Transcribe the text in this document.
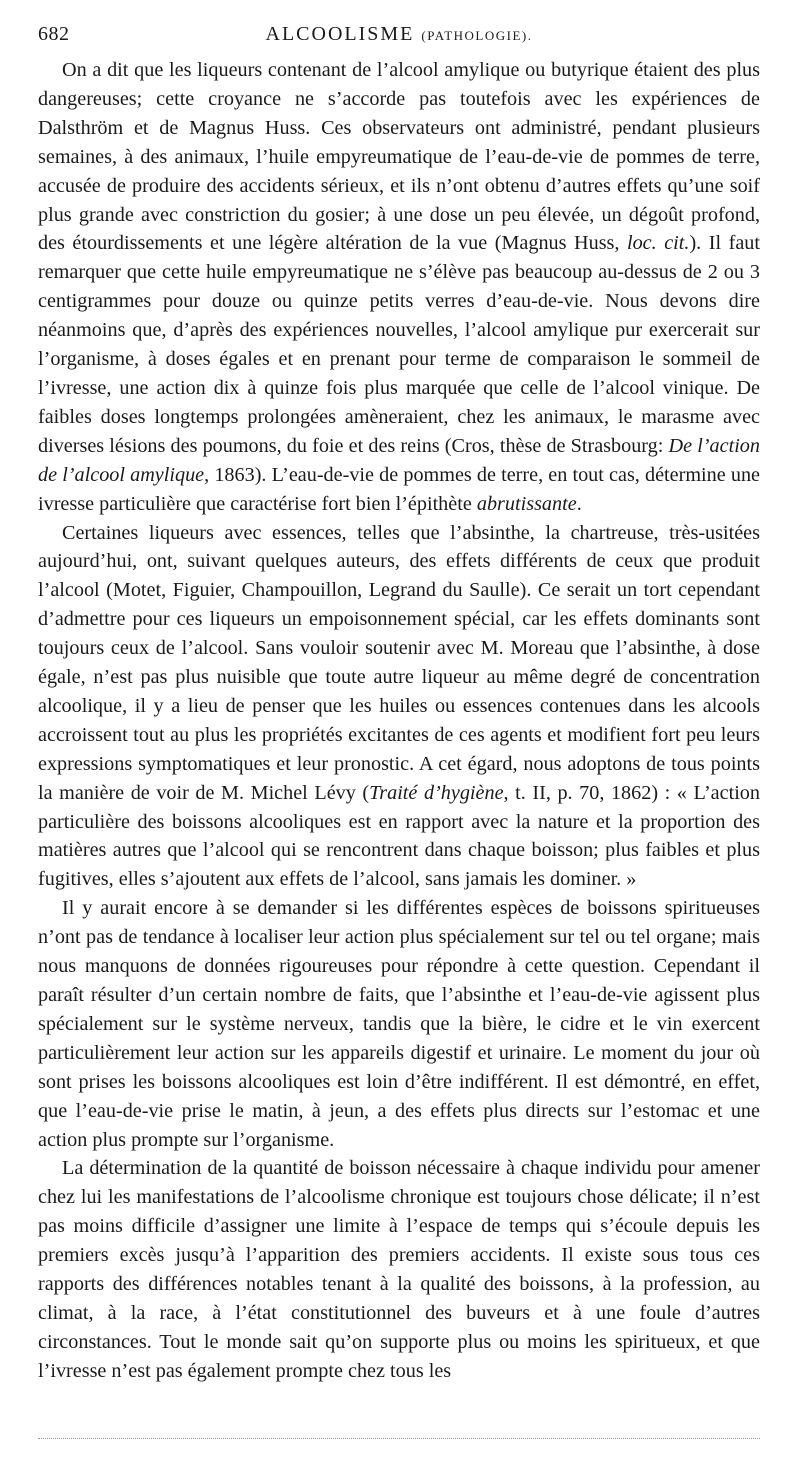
682	ALCOOLISME (PATHOLOGIE).

On a dit que les liqueurs contenant de l’alcool amylique ou butyrique étaient des plus dangereuses; cette croyance ne s’accorde pas toutefois avec les expériences de Dalsthröm et de Magnus Huss. Ces observateurs ont administré, pendant plusieurs semaines, à des animaux, l’huile empyreumatique de l’eau-de-vie de pommes de terre, accusée de produire des accidents sérieux, et ils n’ont obtenu d’autres effets qu’une soif plus grande avec constriction du gosier; à une dose un peu élevée, un dégoût profond, des étourdissements et une légère altération de la vue (Magnus Huss, loc. cit.). Il faut remarquer que cette huile empyreumatique ne s’élève pas beaucoup au-dessus de 2 ou 3 centigrammes pour douze ou quinze petits verres d’eau-de-vie. Nous devons dire néanmoins que, d’après des expériences nouvelles, l’alcool amylique pur exercerait sur l’organisme, à doses égales et en prenant pour terme de comparaison le sommeil de l’ivresse, une action dix à quinze fois plus marquée que celle de l’alcool vinique. De faibles doses longtemps prolongées amèneraient, chez les animaux, le marasme avec diverses lésions des poumons, du foie et des reins (Cros, thèse de Strasbourg: De l’action de l’alcool amylique, 1863). L’eau-de-vie de pommes de terre, en tout cas, détermine une ivresse particulière que caractérise fort bien l’épithète abrutissante.

Certaines liqueurs avec essences, telles que l’absinthe, la chartreuse, très-usitées aujourd’hui, ont, suivant quelques auteurs, des effets différents de ceux que produit l’alcool (Motet, Figuier, Champouillon, Legrand du Saulle). Ce serait un tort cependant d’admettre pour ces liqueurs un empoisonnement spécial, car les effets dominants sont toujours ceux de l’alcool. Sans vouloir soutenir avec M. Moreau que l’absinthe, à dose égale, n’est pas plus nuisible que toute autre liqueur au même degré de concentration alcoolique, il y a lieu de penser que les huiles ou essences contenues dans les alcools accroissent tout au plus les propriétés excitantes de ces agents et modifient fort peu leurs expressions symptomatiques et leur pronostic. A cet égard, nous adoptons de tous points la manière de voir de M. Michel Lévy (Traité d’hygiène, t. II, p. 70, 1862) : « L’action particulière des boissons alcooliques est en rapport avec la nature et la proportion des matières autres que l’alcool qui se rencontrent dans chaque boisson; plus faibles et plus fugitives, elles s’ajoutent aux effets de l’alcool, sans jamais les dominer. »

Il y aurait encore à se demander si les différentes espèces de boissons spiritueuses n’ont pas de tendance à localiser leur action plus spécialement sur tel ou tel organe; mais nous manquons de données rigoureuses pour répondre à cette question. Cependant il paraît résulter d’un certain nombre de faits, que l’absinthe et l’eau-de-vie agissent plus spécialement sur le système nerveux, tandis que la bière, le cidre et le vin exercent particulièrement leur action sur les appareils digestif et urinaire. Le moment du jour où sont prises les boissons alcooliques est loin d’être indifférent. Il est démontré, en effet, que l’eau-de-vie prise le matin, à jeun, a des effets plus directs sur l’estomac et une action plus prompte sur l’organisme.

La détermination de la quantité de boisson nécessaire à chaque individu pour amener chez lui les manifestations de l’alcoolisme chronique est toujours chose délicate; il n’est pas moins difficile d’assigner une limite à l’espace de temps qui s’écoule depuis les premiers excès jusqu’à l’apparition des premiers accidents. Il existe sous tous ces rapports des différences notables tenant à la qualité des boissons, à la profession, au climat, à la race, à l’état constitutionnel des buveurs et à une foule d’autres circonstances. Tout le monde sait qu’on supporte plus ou moins les spiritueux, et que l’ivresse n’est pas également prompte chez tous les
